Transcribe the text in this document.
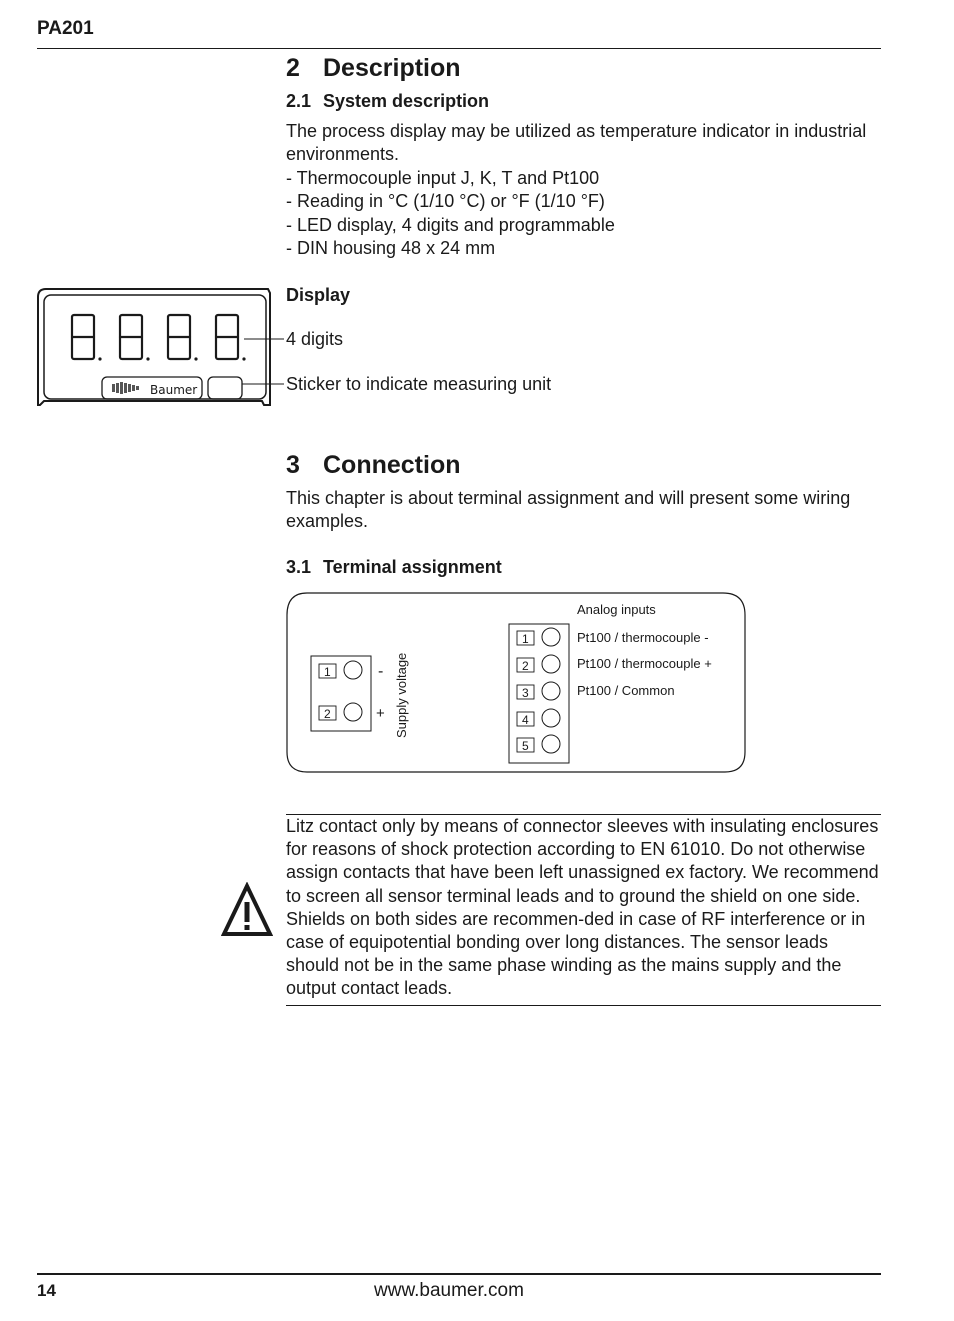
PA201
2 Description
2.1 System description
The process display may be utilized as temperature indicator in industrial environments.
- Thermocouple input J, K, T and Pt100
- Reading in °C (1/10 °C) or °F (1/10 °F)
- LED display, 4 digits and programmable
- DIN housing 48 x 24 mm
Baumer
Display
4 digits
Sticker to indicate measuring unit
3 Connection
This chapter is about terminal assignment and will present some wiring examples.
3.1 Terminal assignment
1	-
2	+ Supply voltage
1
2
3
4
5
Analog inputs
Pt100 / thermocouple -
Pt100 / thermocouple +
Pt100 / Common
Litz contact only by means of connector sleeves with insulating enclosures for reasons of shock protection according to EN 61010. Do not otherwise assign contacts that have been left unassigned ex factory. We recommend to screen all sensor terminal leads and to ground the shield on one side. Shields on both sides are recommen-ded in case of RF interference or in case of equipotential bonding over long distances. The sensor leads should not be in the same phase winding as the mains supply and the output contact leads.
14	www.baumer.com
